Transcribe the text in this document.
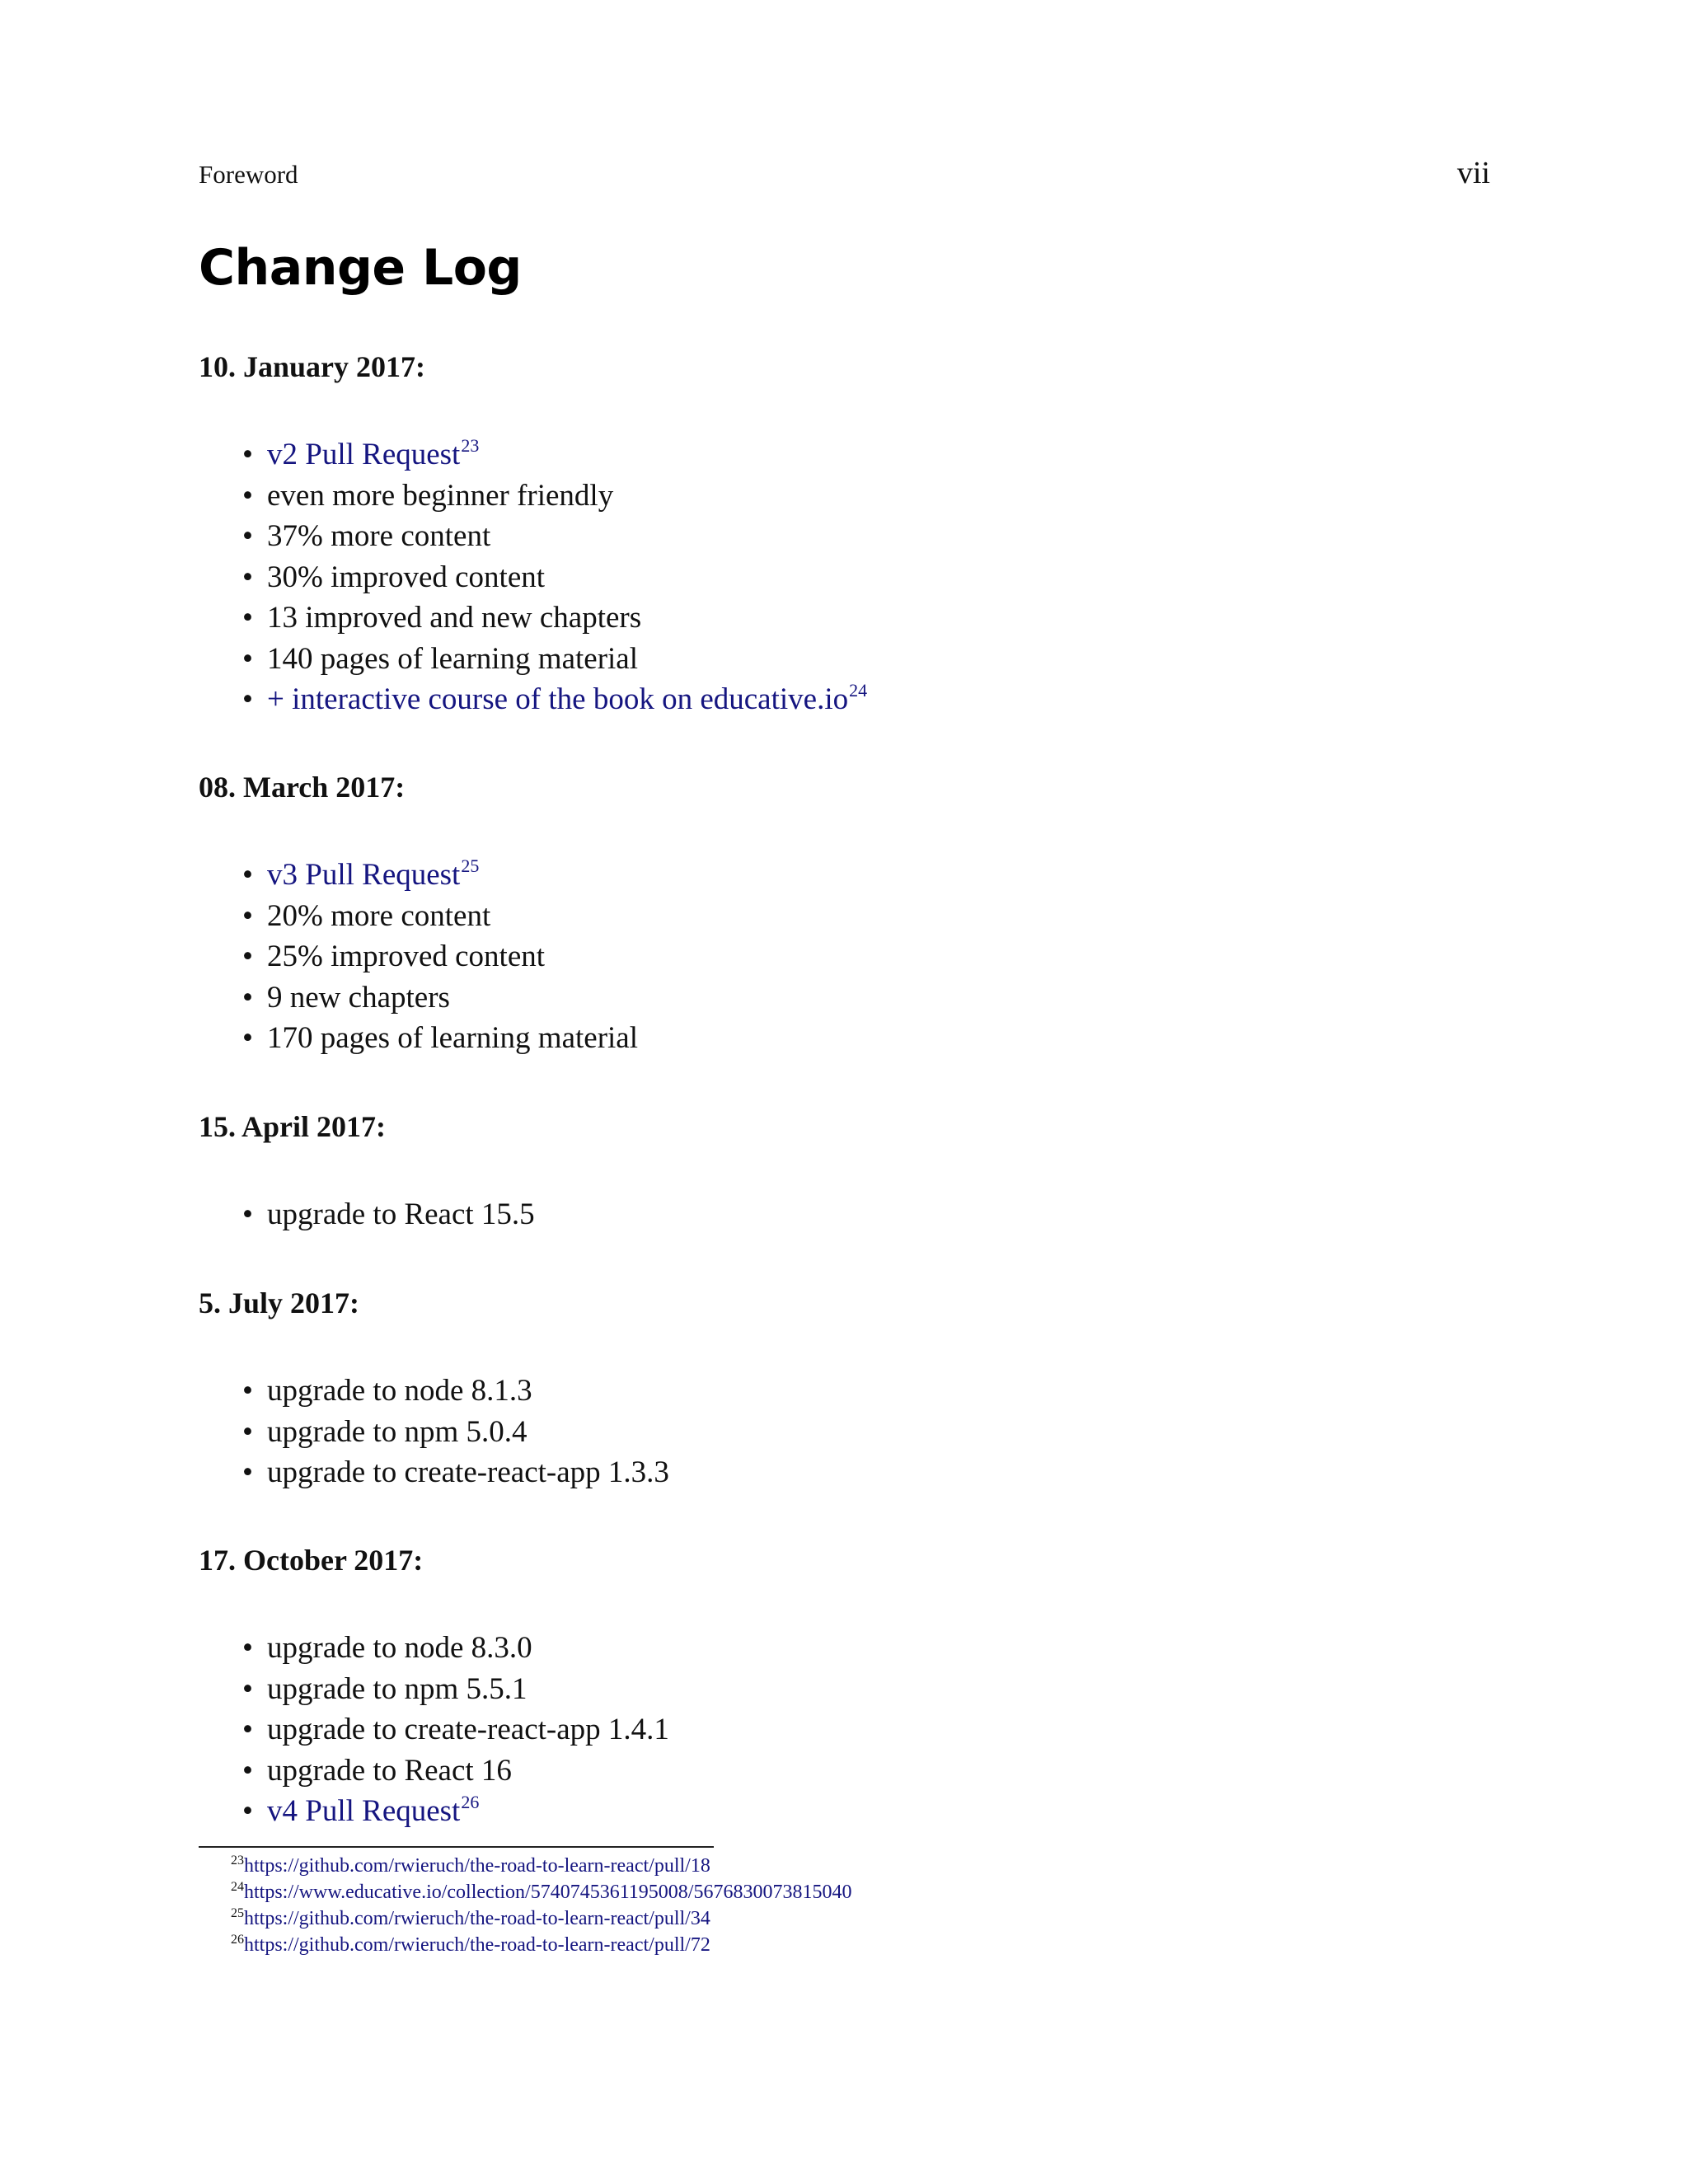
Foreword	vii
Change Log
10. January 2017:
• v2 Pull Request$^{23}$
• even more beginner friendly
• 37% more content
• 30% improved content
• 13 improved and new chapters
• 140 pages of learning material
• + interactive course of the book on educative.io$^{24}$
08. March 2017:
• v3 Pull Request$^{25}$
• 20% more content
• 25% improved content
• 9 new chapters
• 170 pages of learning material
15. April 2017:
• upgrade to React 15.5
5. July 2017:
• upgrade to node 8.1.3
• upgrade to npm 5.0.4
• upgrade to create-react-app 1.3.3
17. October 2017:
• upgrade to node 8.3.0
• upgrade to npm 5.5.1
• upgrade to create-react-app 1.4.1
• upgrade to React 16
• v4 Pull Request$^{26}$
$^{23}$https://github.com/rwieruch/the-road-to-learn-react/pull/18
$^{24}$https://www.educative.io/collection/5740745361195008/5676830073815040
$^{25}$https://github.com/rwieruch/the-road-to-learn-react/pull/34
$^{26}$https://github.com/rwieruch/the-road-to-learn-react/pull/72
